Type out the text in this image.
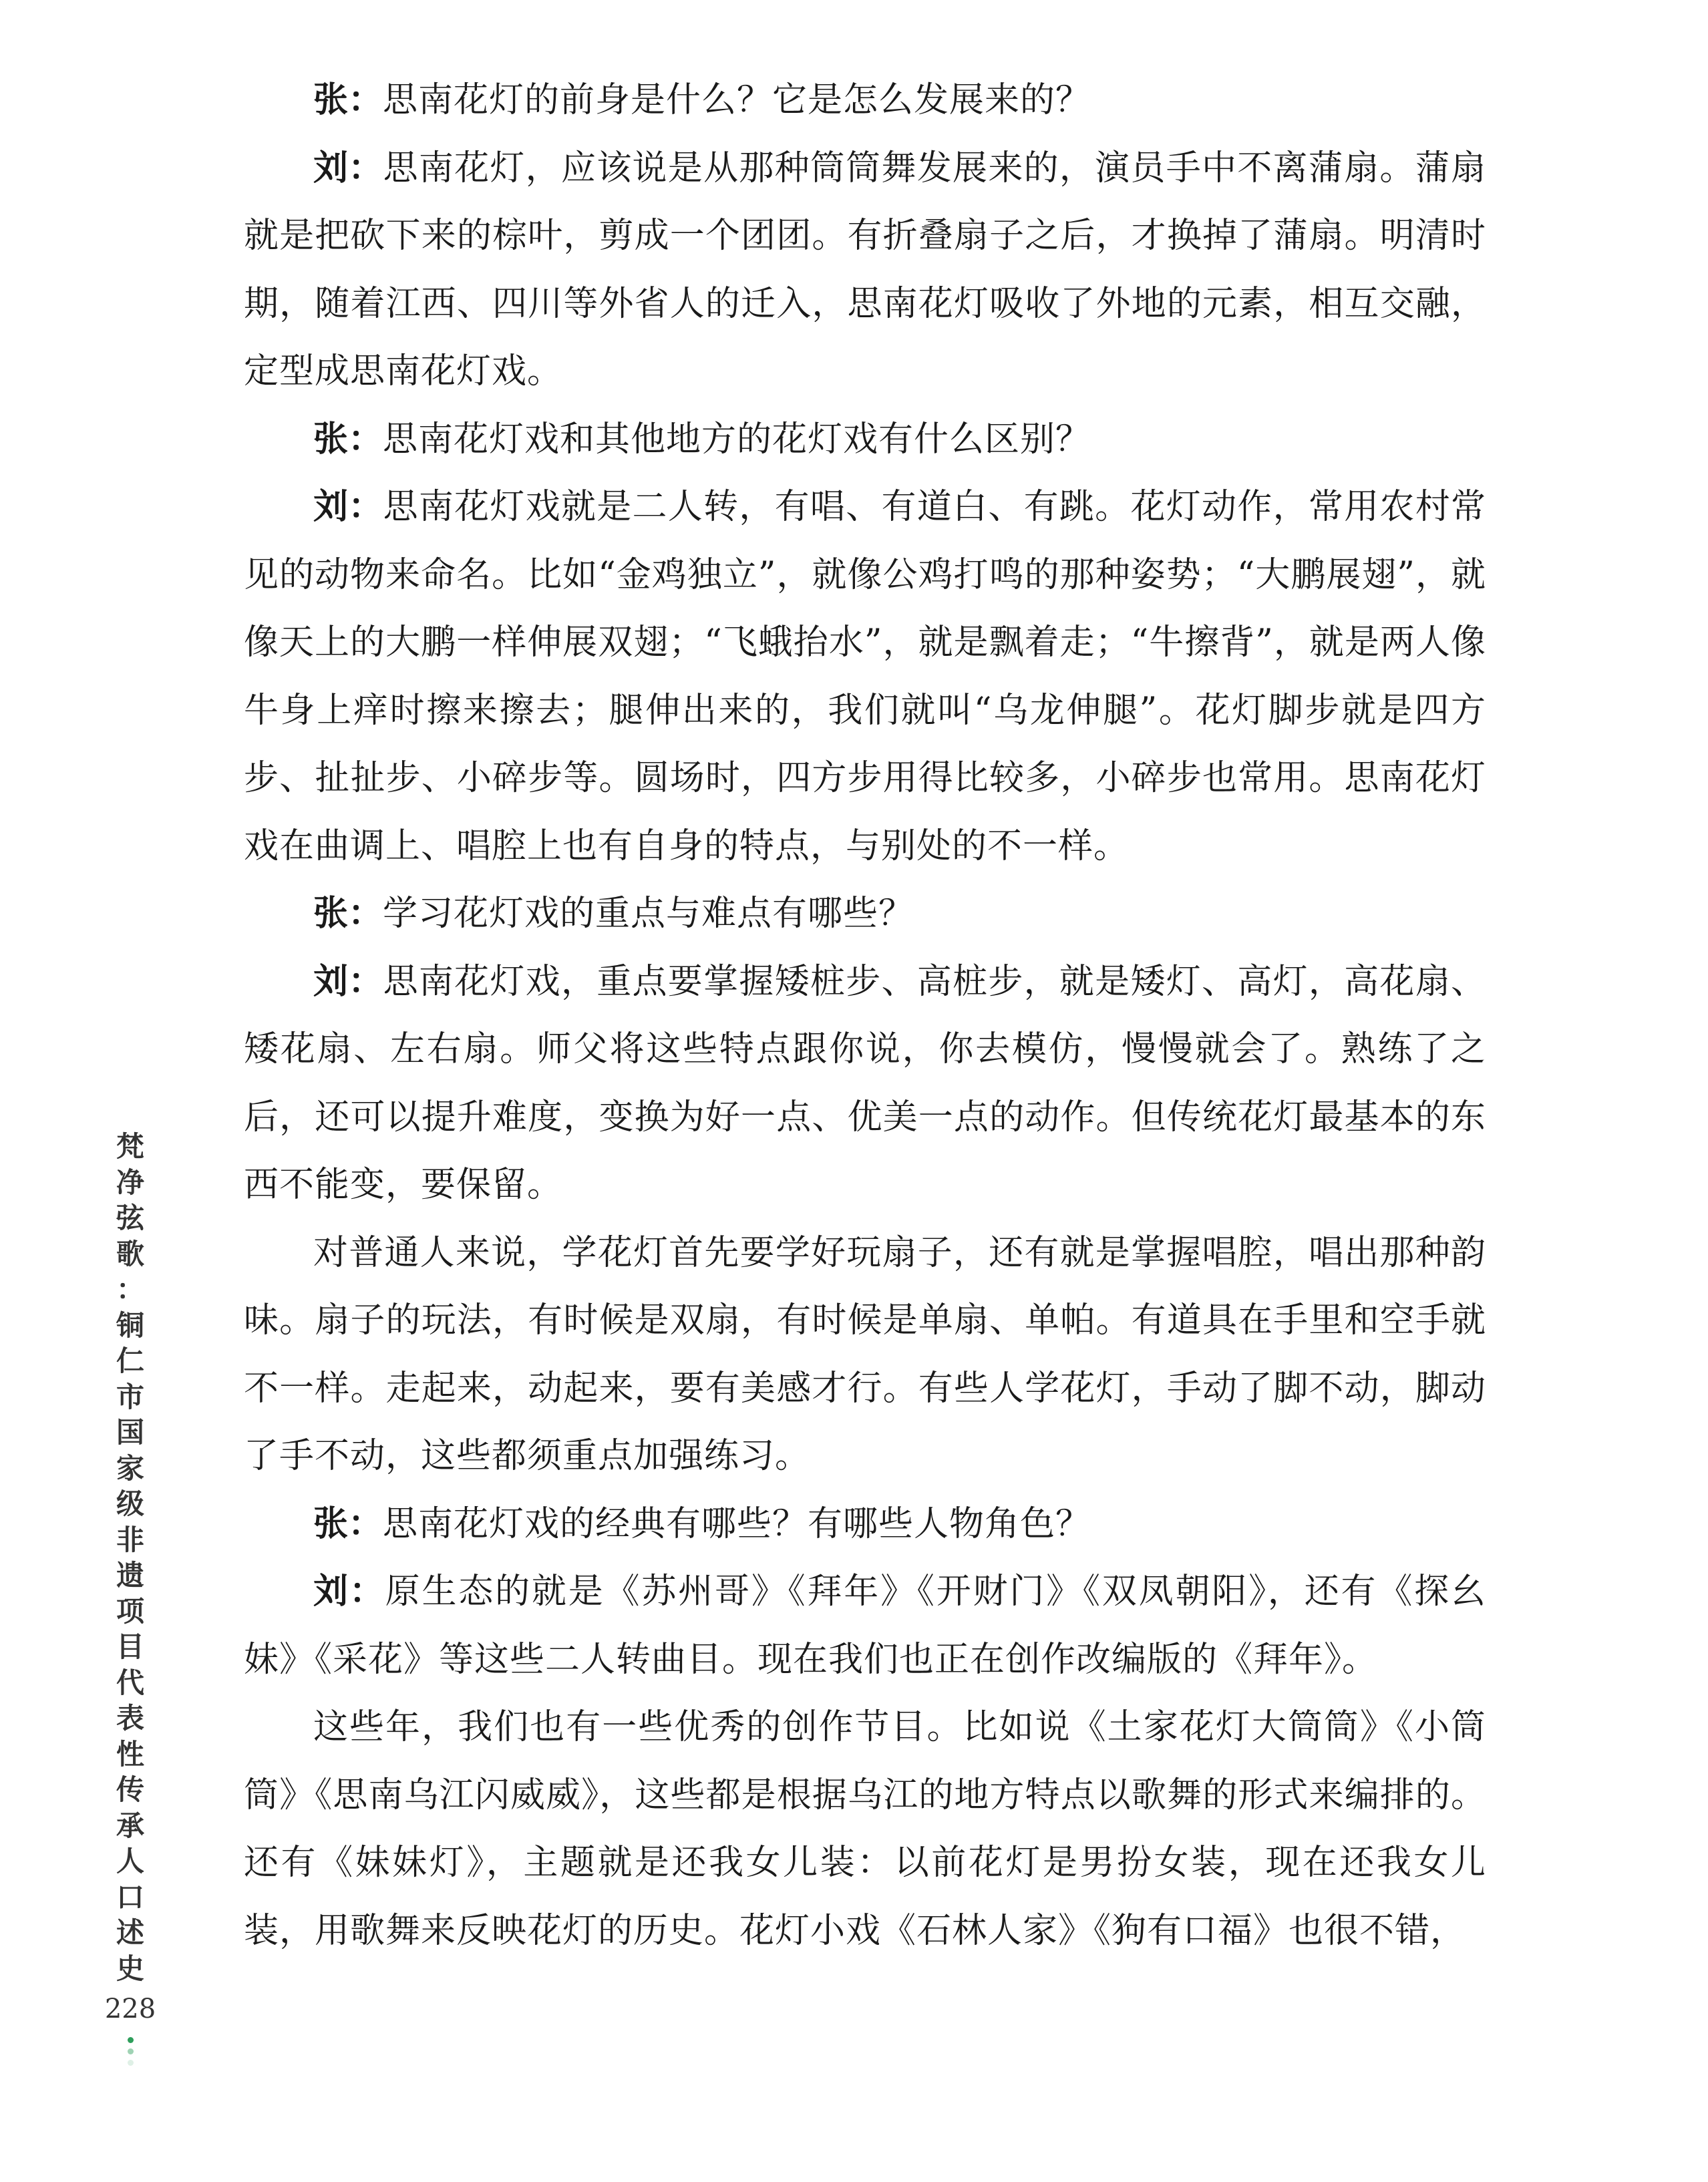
张：思南花灯的前身是什么？它是怎么发展来的？

刘：思南花灯，应该说是从那种筒筒舞发展来的，演员手中不离蒲扇。蒲扇就是把砍下来的棕叶，剪成一个团团。有折叠扇子之后，才换掉了蒲扇。明清时期，随着江西、四川等外省人的迁入，思南花灯吸收了外地的元素，相互交融，定型成思南花灯戏。

张：思南花灯戏和其他地方的花灯戏有什么区别？

刘：思南花灯戏就是二人转，有唱、有道白、有跳。花灯动作，常用农村常见的动物来命名。比如“金鸡独立”，就像公鸡打鸣的那种姿势；“大鹏展翅”，就像天上的大鹏一样伸展双翅；“飞蛾抬水”，就是飘着走；“牛擦背”，就是两人像牛身上痒时擦来擦去；腿伸出来的，我们就叫“乌龙伸腿”。花灯脚步就是四方步、扯扯步、小碎步等。圆场时，四方步用得比较多，小碎步也常用。思南花灯戏在曲调上、唱腔上也有自身的特点，与别处的不一样。

张：学习花灯戏的重点与难点有哪些？

刘：思南花灯戏，重点要掌握矮桩步、高桩步，就是矮灯、高灯，高花扇、矮花扇、左右扇。师父将这些特点跟你说，你去模仿，慢慢就会了。熟练了之后，还可以提升难度，变换为好一点、优美一点的动作。但传统花灯最基本的东西不能变，要保留。

对普通人来说，学花灯首先要学好玩扇子，还有就是掌握唱腔，唱出那种韵味。扇子的玩法，有时候是双扇，有时候是单扇、单帕。有道具在手里和空手就不一样。走起来，动起来，要有美感才行。有些人学花灯，手动了脚不动，脚动了手不动，这些都须重点加强练习。

张：思南花灯戏的经典有哪些？有哪些人物角色？

刘：原生态的就是《苏州哥》《拜年》《开财门》《双凤朝阳》，还有《探幺妹》《采花》等这些二人转曲目。现在我们也正在创作改编版的《拜年》。

这些年，我们也有一些优秀的创作节目。比如说《土家花灯大筒筒》《小筒筒》《思南乌江闪威威》，这些都是根据乌江的地方特点以歌舞的形式来编排的。还有《妹妹灯》，主题就是还我女儿装：以前花灯是男扮女装，现在还我女儿装，用歌舞来反映花灯的历史。花灯小戏《石林人家》《狗有口福》也很不错，

梵
净
弦
歌
：
铜
仁
市
国
家
级
非
遗
项
目
代
表
性
传
承
人
口
述
史
228
